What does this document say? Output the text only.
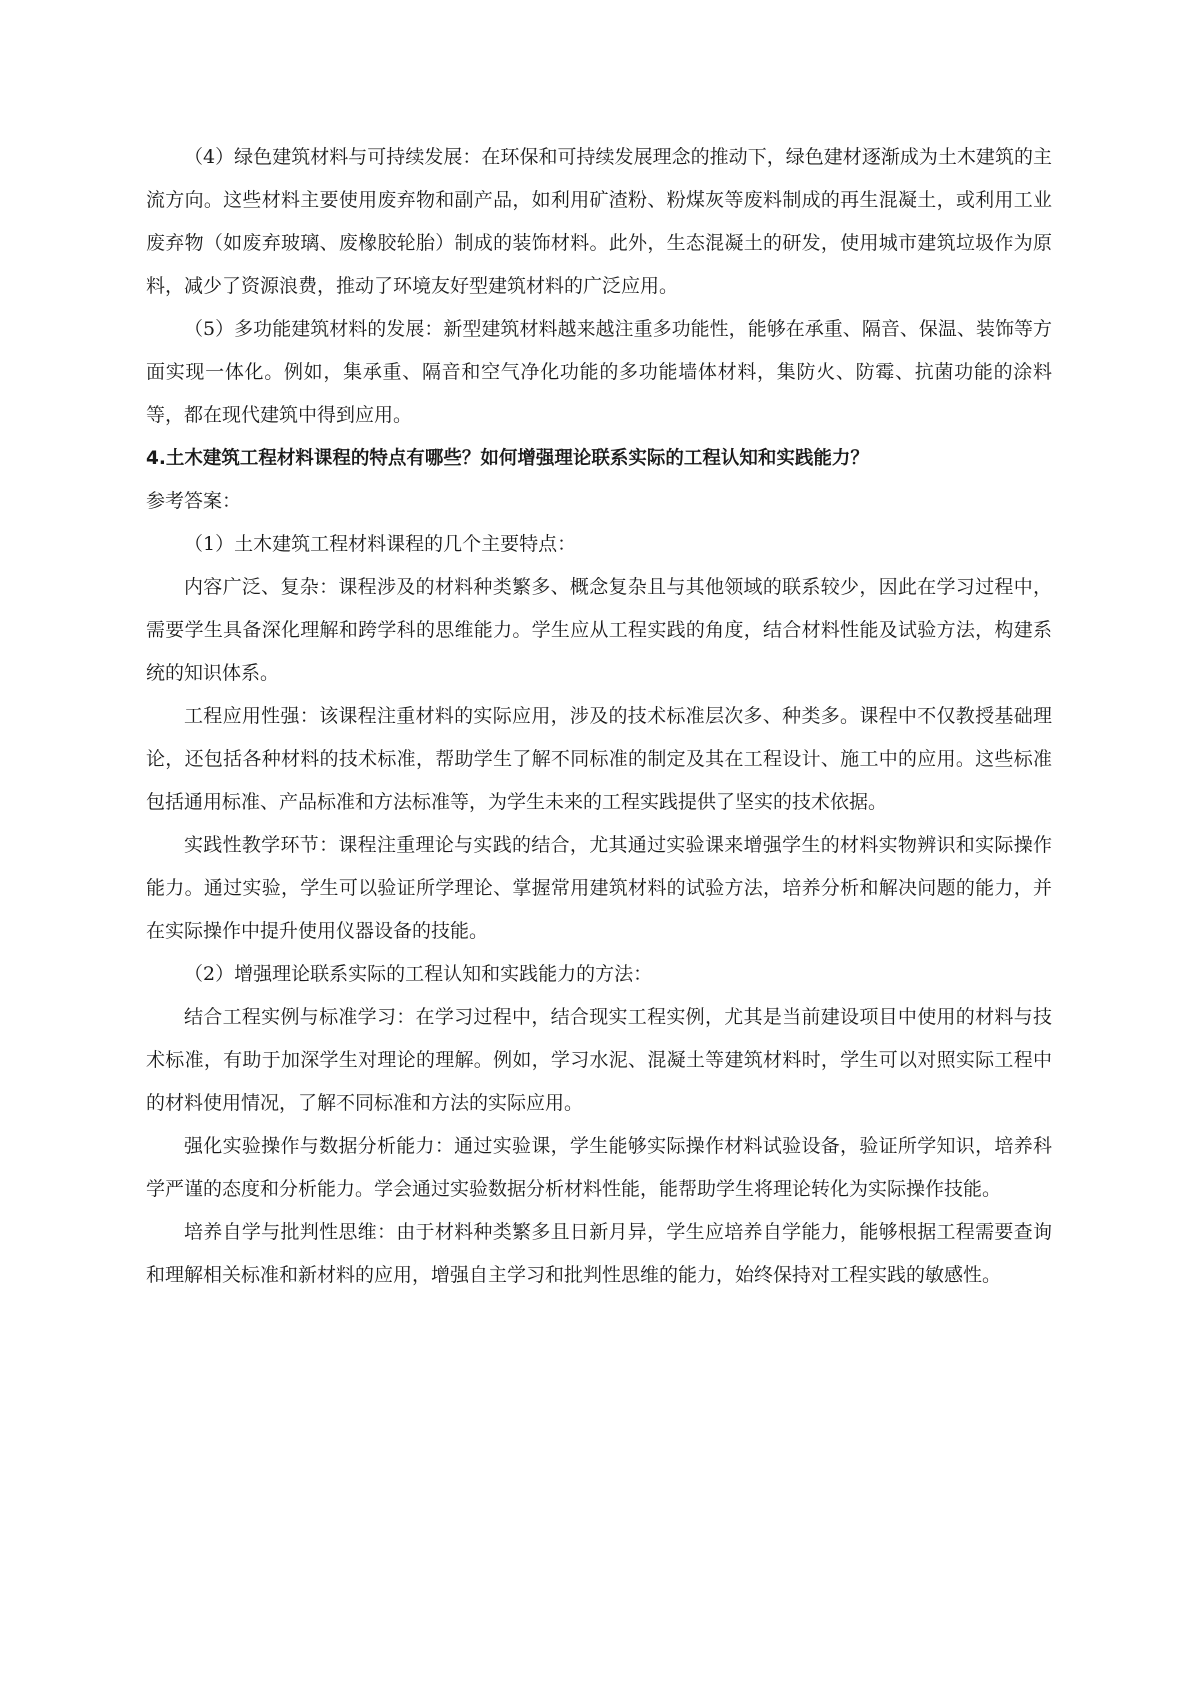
（4）绿色建筑材料与可持续发展：在环保和可持续发展理念的推动下，绿色建材逐渐成为土木建筑的主流方向。这些材料主要使用废弃物和副产品，如利用矿渣粉、粉煤灰等废料制成的再生混凝土，或利用工业废弃物（如废弃玻璃、废橡胶轮胎）制成的装饰材料。此外，生态混凝土的研发，使用城市建筑垃圾作为原料，减少了资源浪费，推动了环境友好型建筑材料的广泛应用。

（5）多功能建筑材料的发展：新型建筑材料越来越注重多功能性，能够在承重、隔音、保温、装饰等方面实现一体化。例如，集承重、隔音和空气净化功能的多功能墙体材料，集防火、防霉、抗菌功能的涂料等，都在现代建筑中得到应用。

4.土木建筑工程材料课程的特点有哪些？如何增强理论联系实际的工程认知和实践能力？

参考答案：

（1）土木建筑工程材料课程的几个主要特点：

内容广泛、复杂：课程涉及的材料种类繁多、概念复杂且与其他领域的联系较少，因此在学习过程中，需要学生具备深化理解和跨学科的思维能力。学生应从工程实践的角度，结合材料性能及试验方法，构建系统的知识体系。

工程应用性强：该课程注重材料的实际应用，涉及的技术标准层次多、种类多。课程中不仅教授基础理论，还包括各种材料的技术标准，帮助学生了解不同标准的制定及其在工程设计、施工中的应用。这些标准包括通用标准、产品标准和方法标准等，为学生未来的工程实践提供了坚实的技术依据。

实践性教学环节：课程注重理论与实践的结合，尤其通过实验课来增强学生的材料实物辨识和实际操作能力。通过实验，学生可以验证所学理论、掌握常用建筑材料的试验方法，培养分析和解决问题的能力，并在实际操作中提升使用仪器设备的技能。

（2）增强理论联系实际的工程认知和实践能力的方法：

结合工程实例与标准学习：在学习过程中，结合现实工程实例，尤其是当前建设项目中使用的材料与技术标准，有助于加深学生对理论的理解。例如，学习水泥、混凝土等建筑材料时，学生可以对照实际工程中的材料使用情况，了解不同标准和方法的实际应用。

强化实验操作与数据分析能力：通过实验课，学生能够实际操作材料试验设备，验证所学知识，培养科学严谨的态度和分析能力。学会通过实验数据分析材料性能，能帮助学生将理论转化为实际操作技能。

培养自学与批判性思维：由于材料种类繁多且日新月异，学生应培养自学能力，能够根据工程需要查询和理解相关标准和新材料的应用，增强自主学习和批判性思维的能力，始终保持对工程实践的敏感性。
